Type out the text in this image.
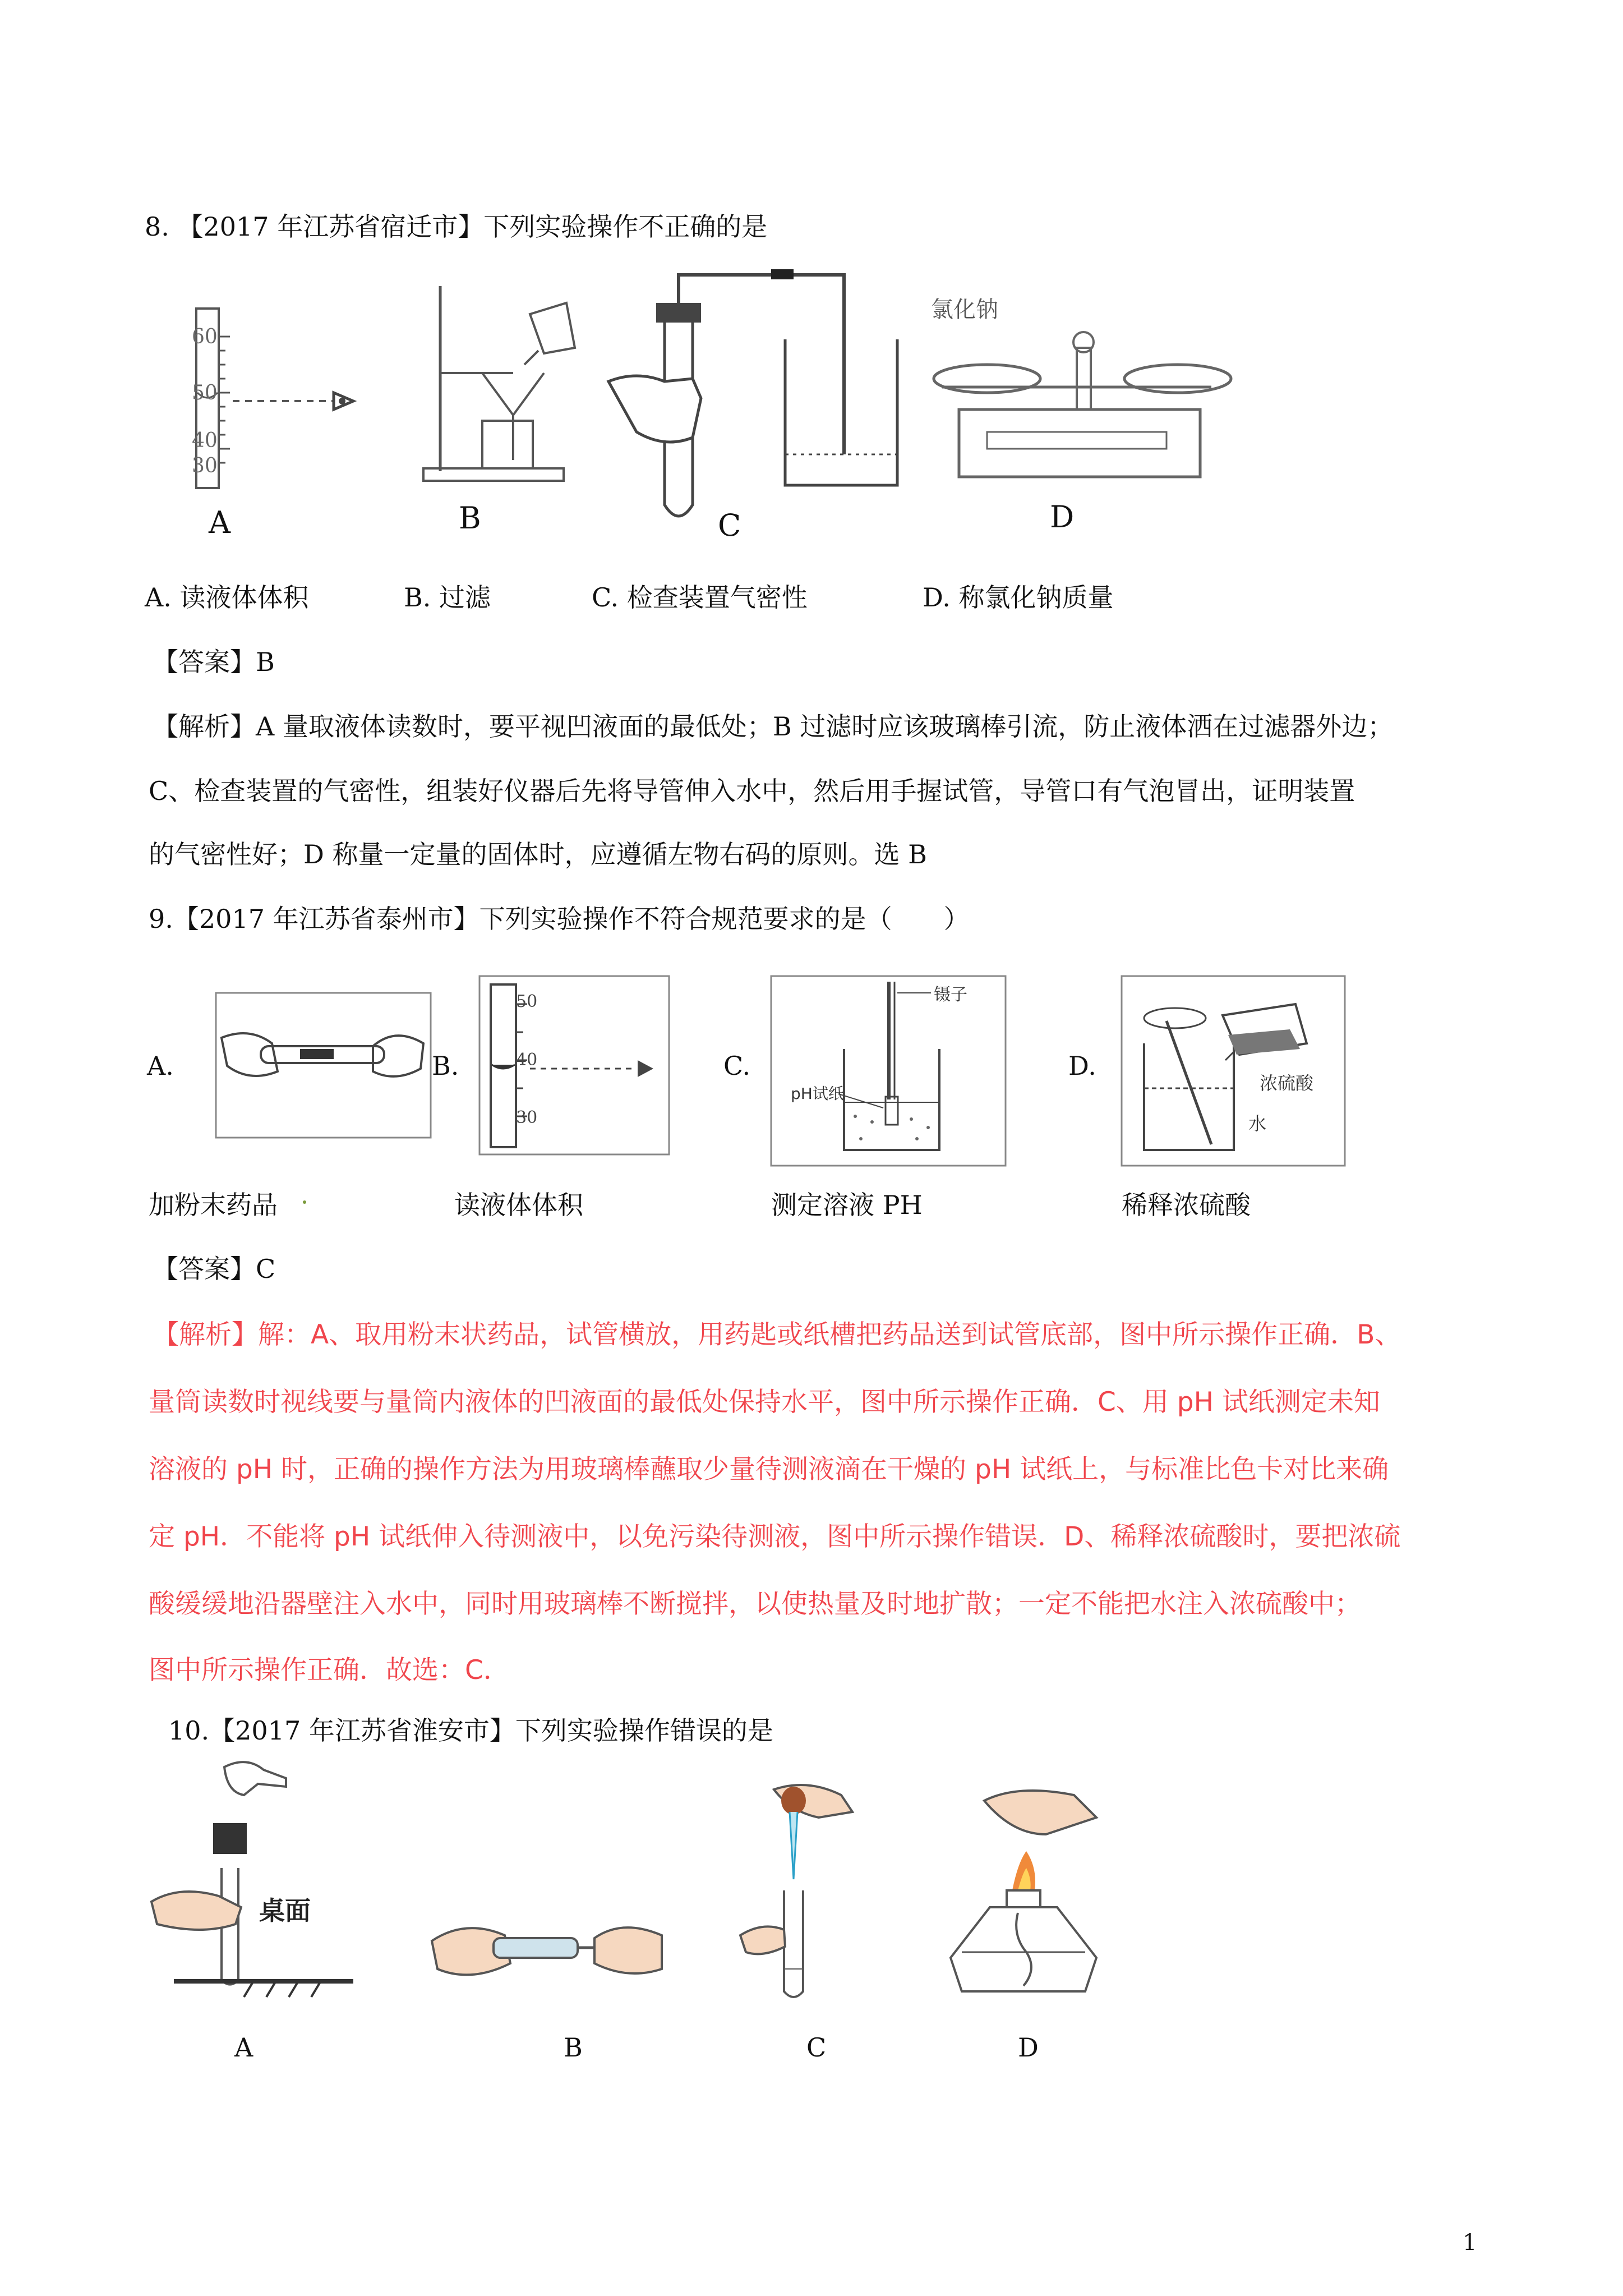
8. 【2017 年江苏省宿迁市】下列实验操作不正确的是
60
50
40
30
A	B	C
氯化钠
D
A. 读液体体积	B. 过滤	C. 检查装置气密性	D. 称氯化钠质量
【答案】B
【解析】A 量取液体读数时，要平视凹液面的最低处；B 过滤时应该玻璃棒引流，防止液体洒在过滤器外边；
C、检查装置的气密性，组装好仪器后先将导管伸入水中，然后用手握试管，导管口有气泡冒出，证明装置
的气密性好；D 称量一定量的固体时，应遵循左物右码的原则。选 B
9.【2017 年江苏省泰州市】下列实验操作不符合规范要求的是（　　）
A.	B.	C.	D.
50
40
30
镊子
pH试纸	浓硫酸
水
加粉末药品	读液体体积	测定溶液 PH	稀释浓硫酸
【答案】C
【解析】解：A、取用粉末状药品，试管横放，用药匙或纸槽把药品送到试管底部，图中所示操作正确．B、
量筒读数时视线要与量筒内液体的凹液面的最低处保持水平，图中所示操作正确．C、用 pH 试纸测定未知
溶液的 pH 时，正确的操作方法为用玻璃棒蘸取少量待测液滴在干燥的 pH 试纸上，与标准比色卡对比来确
定 pH．不能将 pH 试纸伸入待测液中，以免污染待测液，图中所示操作错误．D、稀释浓硫酸时，要把浓硫
酸缓缓地沿器壁注入水中，同时用玻璃棒不断搅拌，以使热量及时地扩散；一定不能把水注入浓硫酸中；
图中所示操作正确．故选：C．
10.【2017 年江苏省淮安市】下列实验操作错误的是
桌面
A	B	C	D
1
